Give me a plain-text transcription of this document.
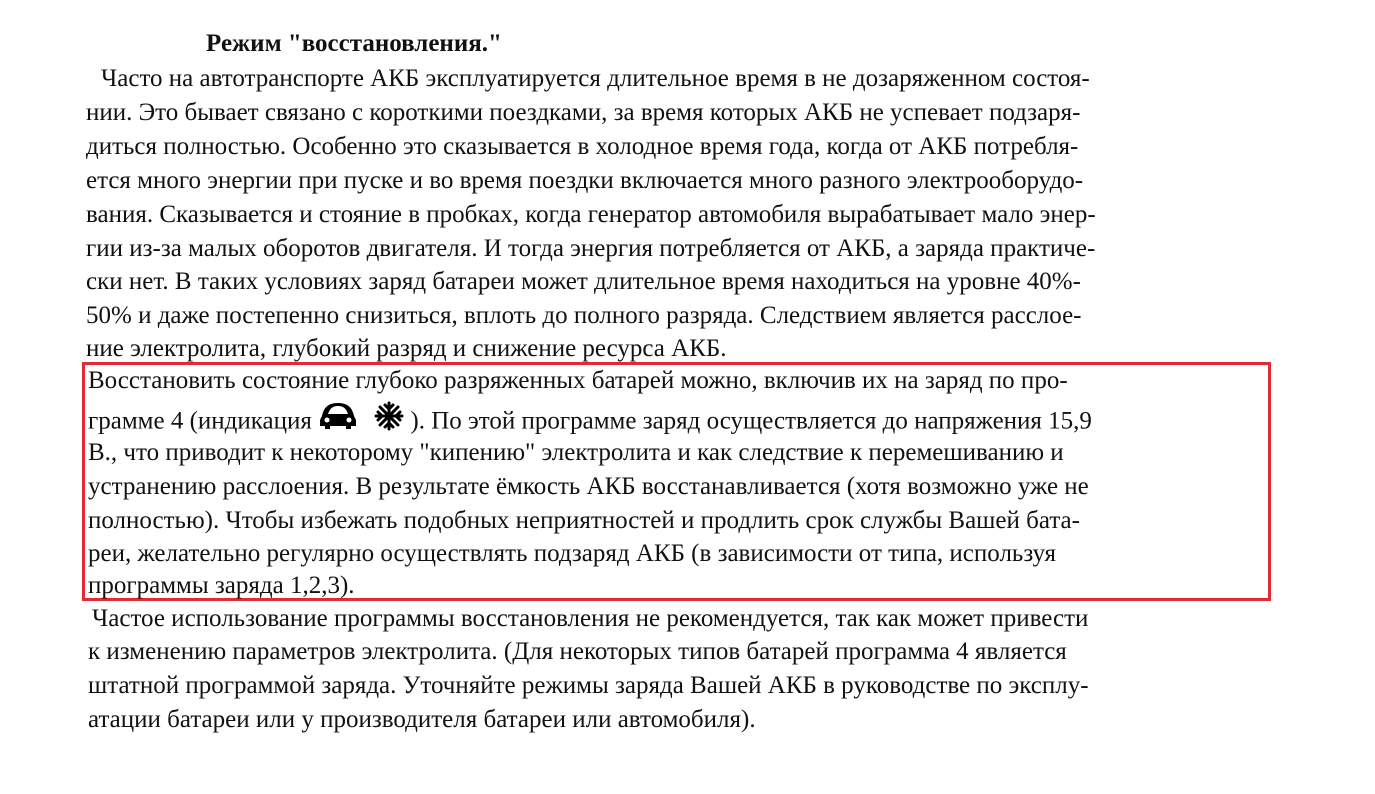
Режим "восстановления."
Часто на автотранспорте АКБ эксплуатируется длительное время в не дозаряженном состоя-
нии. Это бывает связано с короткими поездками, за время которых АКБ не успевает подзаря-
диться полностью. Особенно это сказывается в холодное время года, когда от АКБ потребля-
ется много энергии при пуске и во время поездки включается много разного электрооборудо-
вания. Сказывается и стояние в пробках, когда генератор автомобиля вырабатывает мало энер-
гии из-за малых оборотов двигателя. И тогда энергия потребляется от АКБ, а заряда практиче-
ски нет. В таких условиях заряд батареи может длительное время находиться на уровне 40%-
50% и даже постепенно снизиться, вплоть до полного разряда. Следствием является расслое-
ние электролита, глубокий разряд и снижение ресурса АКБ.
Восстановить состояние глубоко разряженных батарей можно, включив их на заряд по про-
грамме 4 (индикация	). По этой программе заряд осуществляется до напряжения 15,9
В., что приводит к некоторому "кипению" электролита и как следствие к перемешиванию и
устранению расслоения. В результате ёмкость АКБ восстанавливается (хотя возможно уже не
полностью). Чтобы избежать подобных неприятностей и продлить срок службы Вашей бата-
реи, желательно регулярно осуществлять подзаряд АКБ (в зависимости от типа, используя
программы заряда 1,2,3).
Частое использование программы восстановления не рекомендуется, так как может привести
к изменению параметров электролита. (Для некоторых типов батарей программа 4 является
штатной программой заряда. Уточняйте режимы заряда Вашей АКБ в руководстве по эксплу-
атации батареи или у производителя батареи или автомобиля).
